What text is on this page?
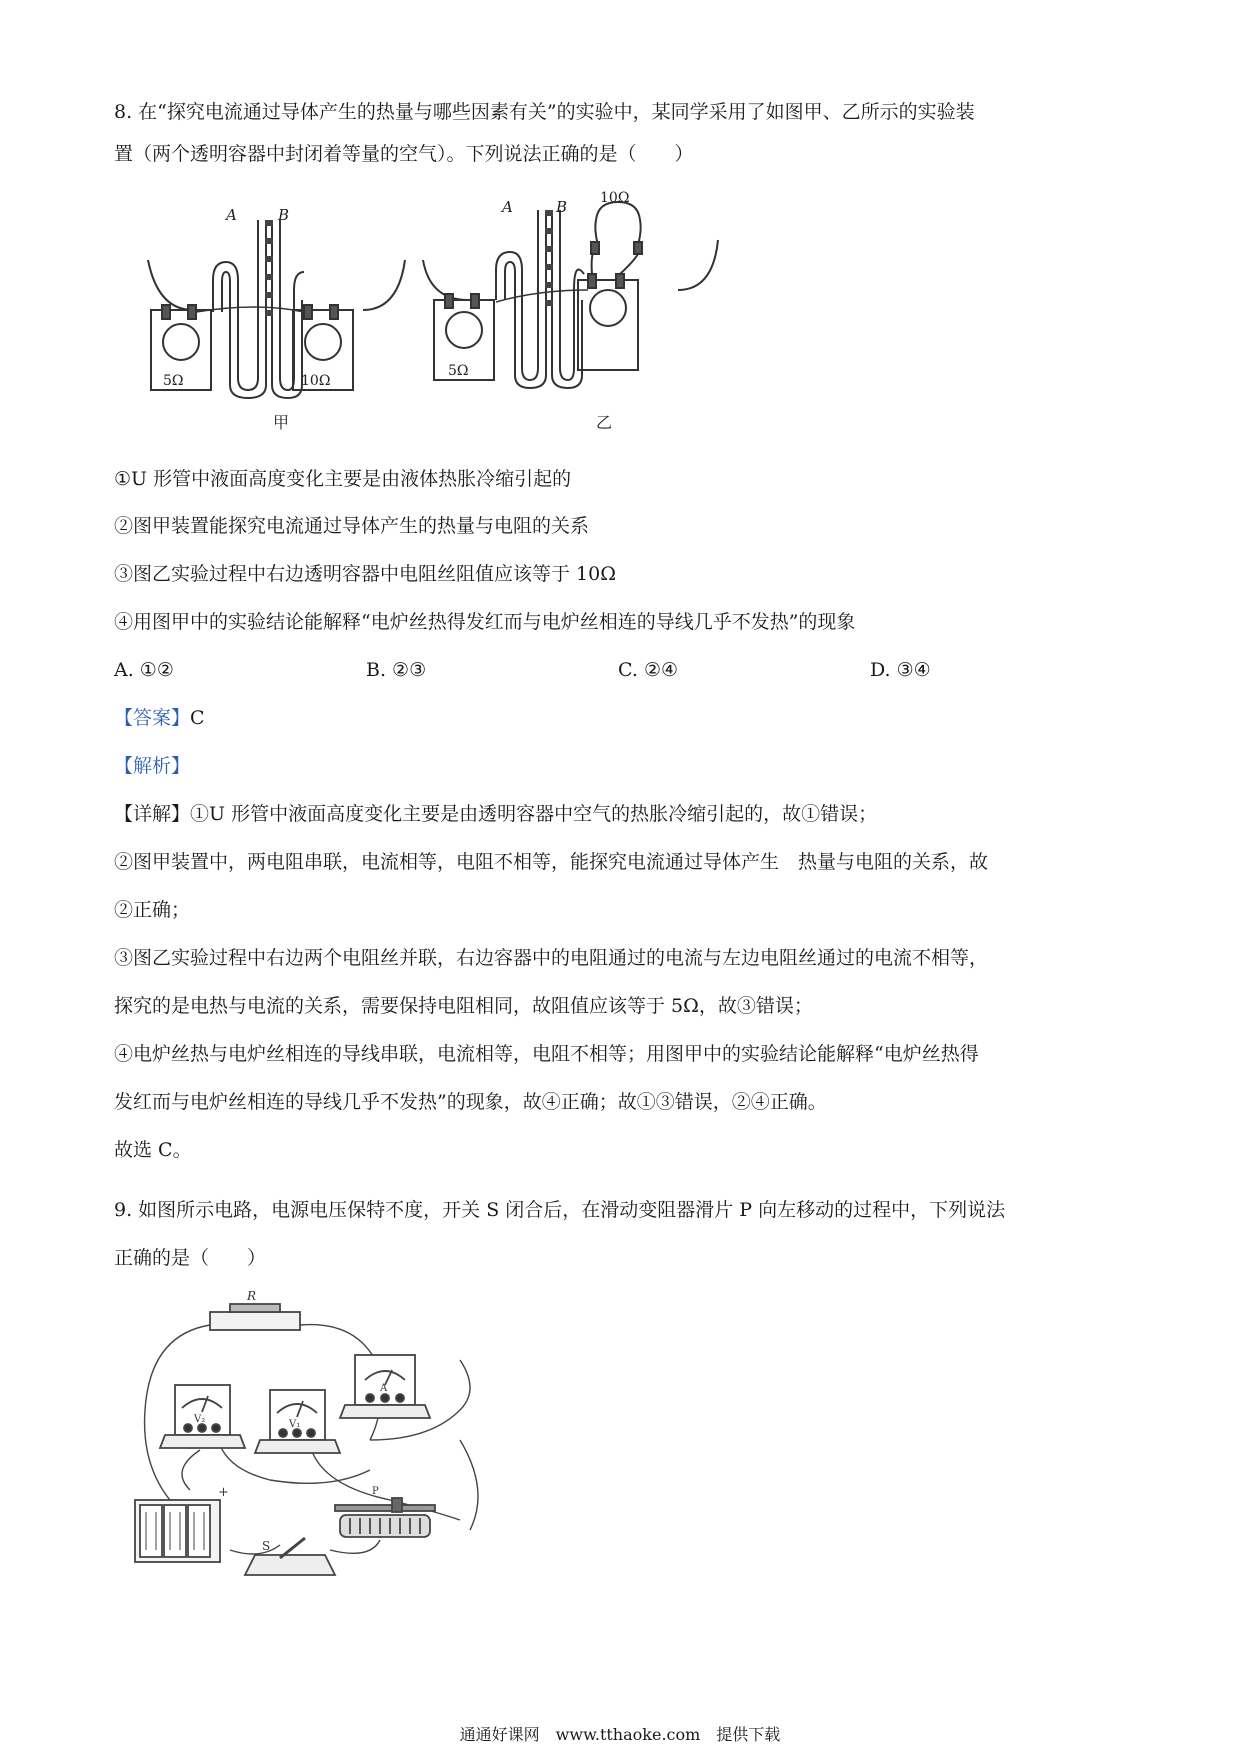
8. 在“探究电流通过导体产生的热量与哪些因素有关”的实验中，某同学采用了如图甲、乙所示的实验装
置（两个透明容器中封闭着等量的空气）。下列说法正确的是（　　）
A	B
5Ω	10Ω
甲
A	B 10Ω
5Ω
乙
①U 形管中液面高度变化主要是由液体热胀冷缩引起的
②图甲装置能探究电流通过导体产生的热量与电阻的关系
③图乙实验过程中右边透明容器中电阻丝阻值应该等于 10Ω
④用图甲中的实验结论能解释“电炉丝热得发红而与电炉丝相连的导线几乎不发热”的现象
A. ①②	B. ②③	C. ②④	D. ③④
【答案】C
【解析】
【详解】①U 形管中液面高度变化主要是由透明容器中空气的热胀冷缩引起的，故①错误；
②图甲装置中，两电阻串联，电流相等，电阻不相等，能探究电流通过导体产生　热量与电阻的关系，故
②正确；
③图乙实验过程中右边两个电阻丝并联，右边容器中的电阻通过的电流与左边电阻丝通过的电流不相等，
探究的是电热与电流的关系，需要保持电阻相同，故阻值应该等于 5Ω，故③错误；
④电炉丝热与电炉丝相连的导线串联，电流相等，电阻不相等；用图甲中的实验结论能解释“电炉丝热得
发红而与电炉丝相连的导线几乎不发热”的现象，故④正确；故①③错误，②④正确。
故选 C。
9. 如图所示电路，电源电压保特不度，开关 S 闭合后，在滑动变阻器滑片 P 向左移动的过程中，下列说法
正确的是（　　）
R
A
V₂	V₁
P
+
S
通通好课网　www.tthaoke.com　提供下载
